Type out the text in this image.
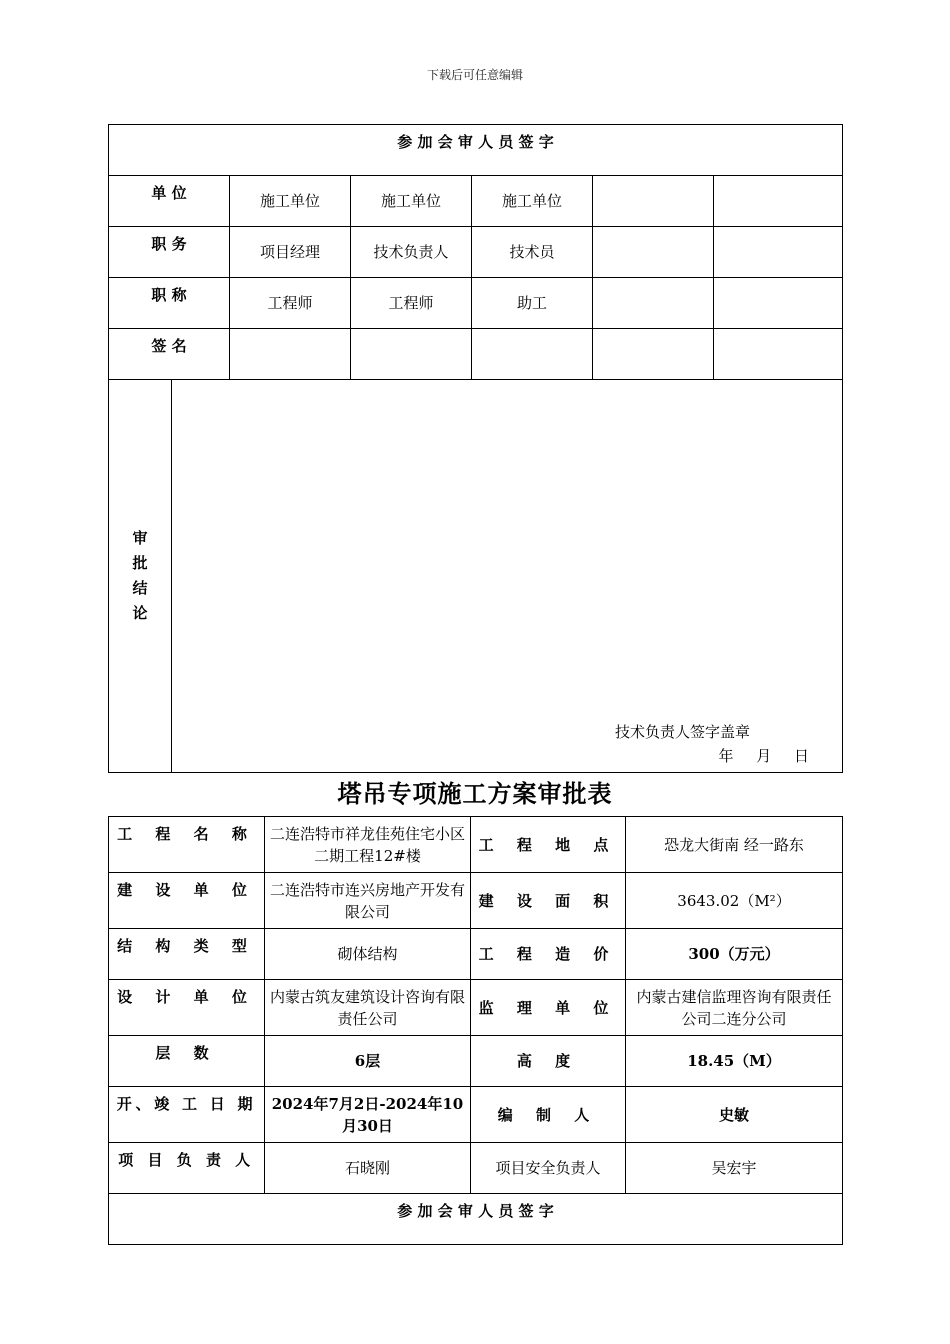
下载后可任意编辑
参 加 会 审 人 员 签 字					
单 位	施工单位	施工单位	施工单位		
职 务	项目经理	技术负责人	技术员		
职 称	工程师	工程师	助工		
签 名					

审批结论
技术负责人签字盖章
年 月 日					
塔吊专项施工方案审批表
工 程 名 称	二连浩特市祥龙佳苑住宅小区二期工程12#楼	工 程 地 点	恐龙大街南 经一路东
建 设 单 位	二连浩特市连兴房地产开发有限公司	建 设 面 积	3643.02（M²）
结 构 类 型	砌体结构	工 程 造 价	300（万元）
设 计 单 位	内蒙古筑友建筑设计咨询有限责任公司	监 理 单 位	内蒙古建信监理咨询有限责任公司二连分公司
层 数	6层	高 度	18.45（M）
开、竣 工 日 期	2024年7月2日-2024年10月30日	编 制 人	史敏
项 目 负 责 人	石晓刚	项目安全负责人	吴宏宇
参 加 会 审 人 员 签 字			
